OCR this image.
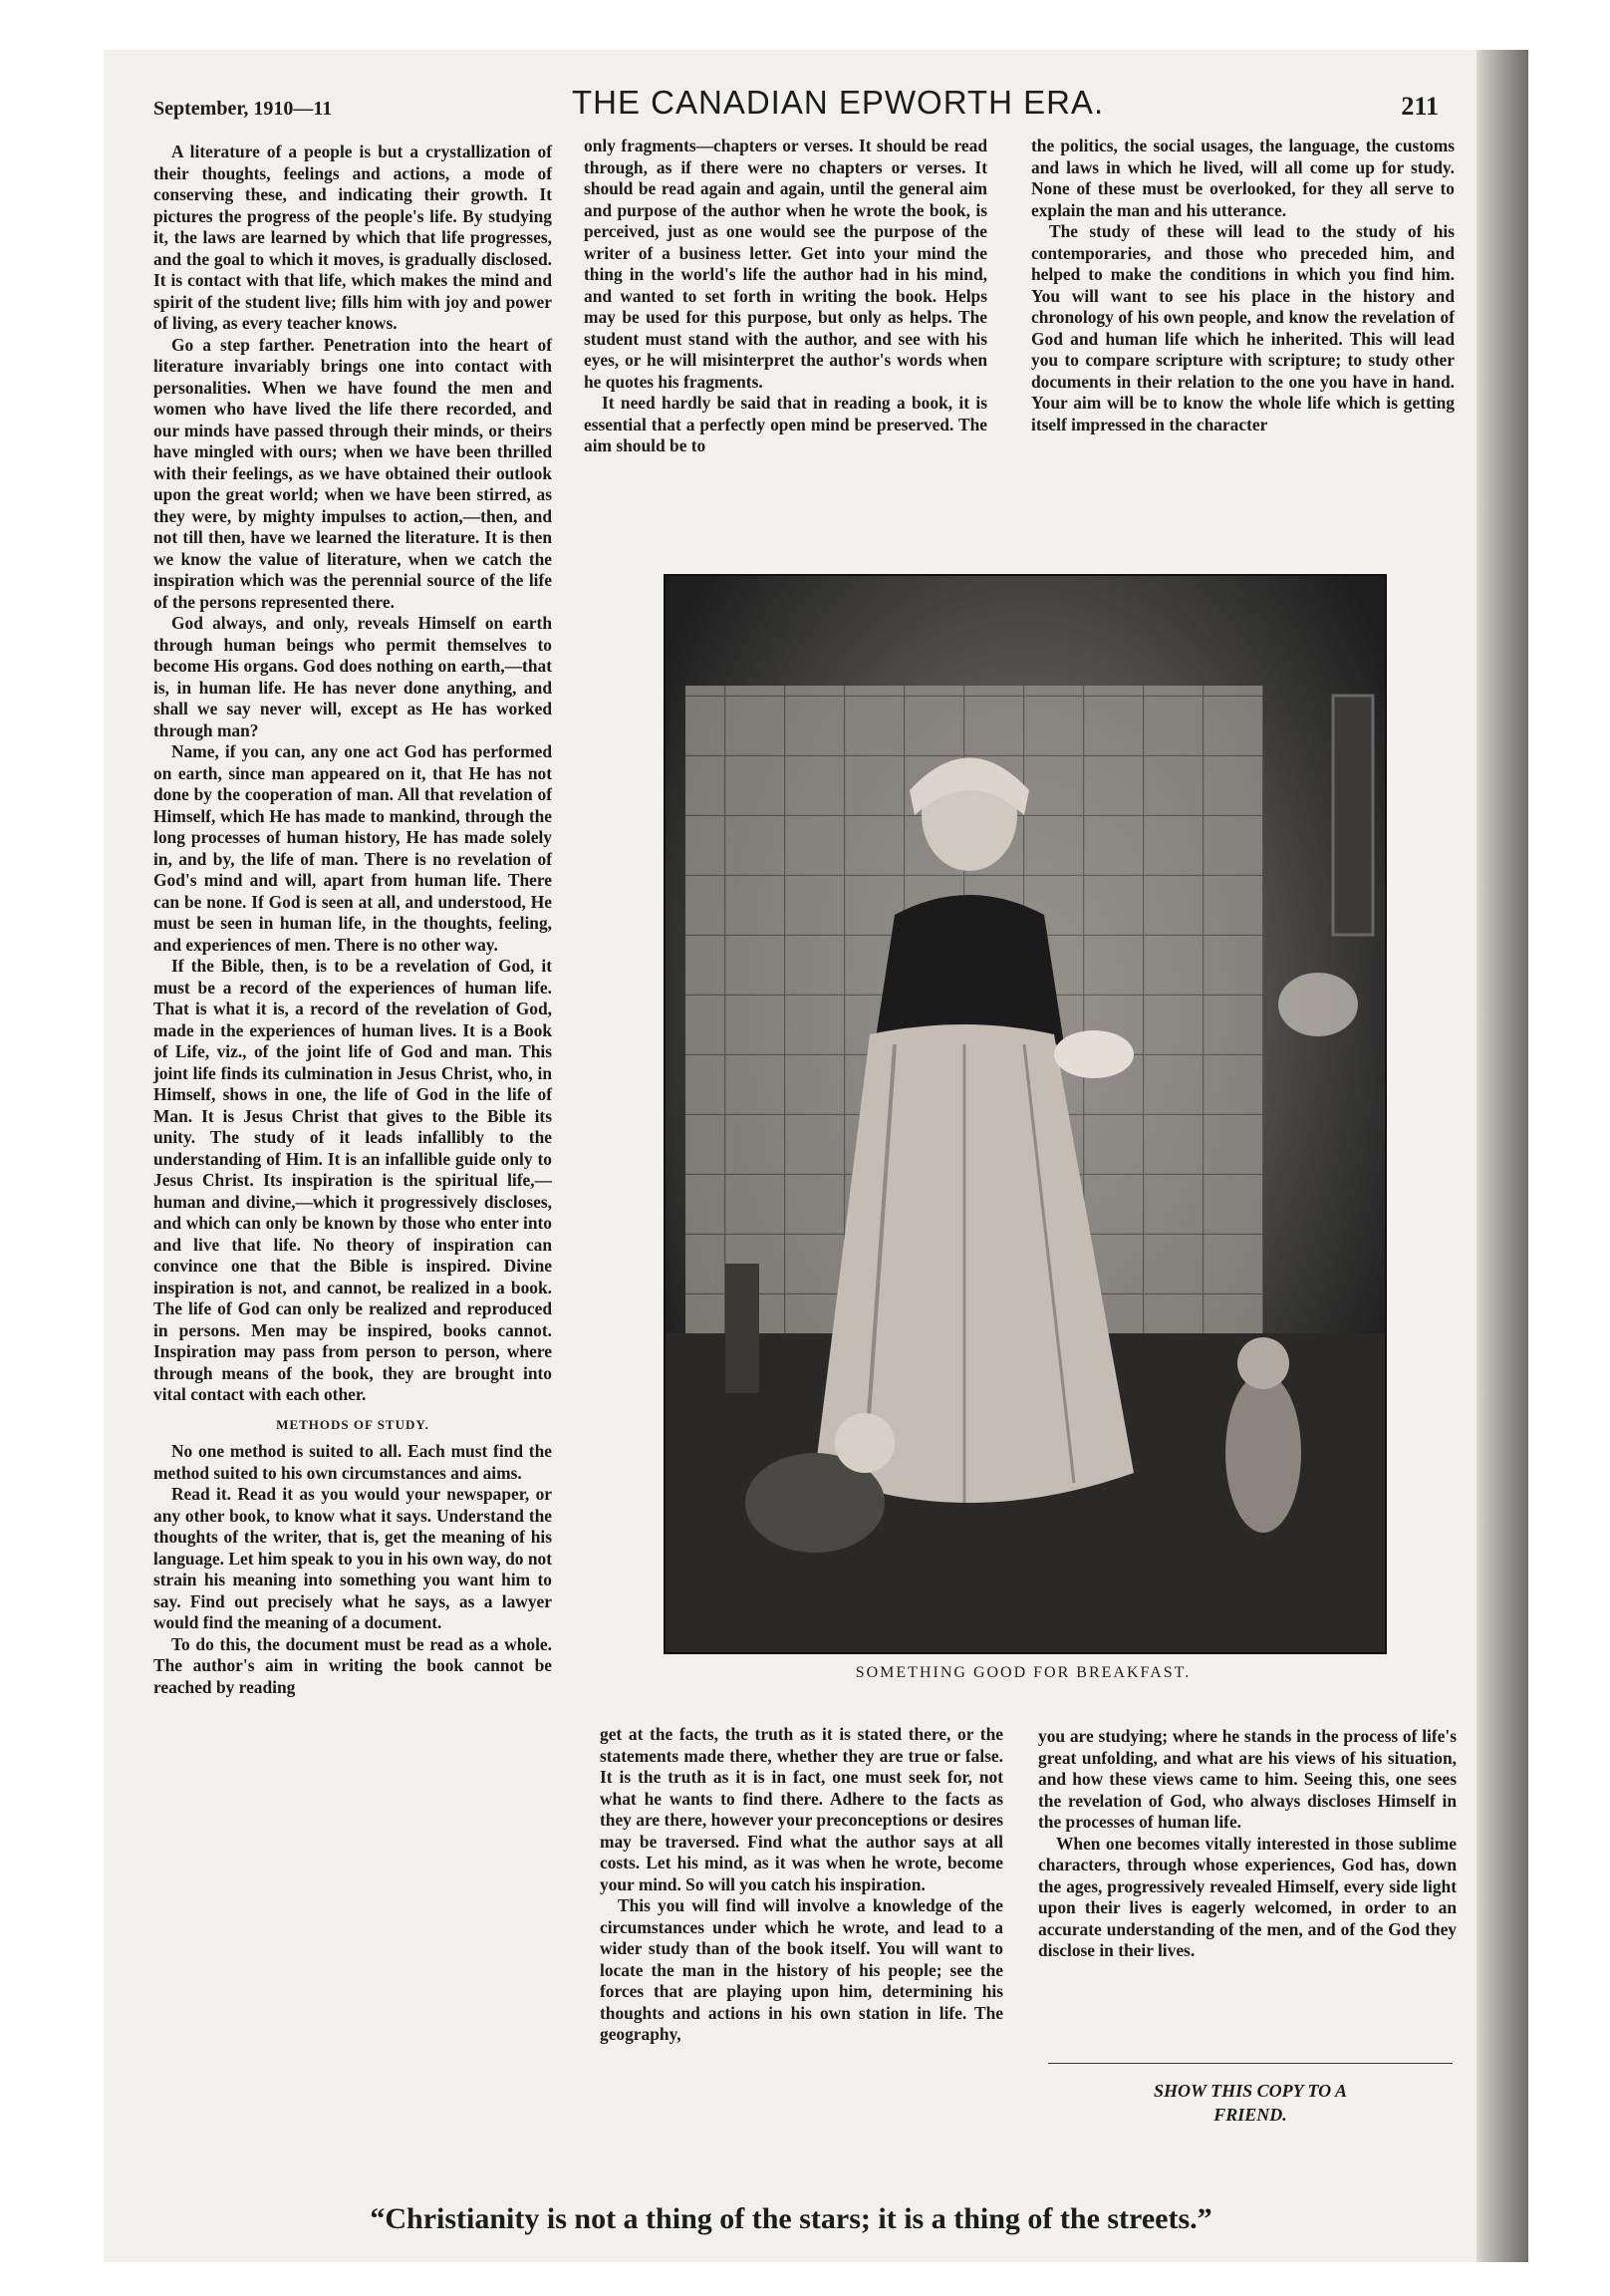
September, 1910—11	THE CANADIAN EPWORTH ERA.	211

A literature of a people is but a crystallization of their thoughts, feelings and actions, a mode of conserving these, and indicating their growth. It pictures the progress of the people's life. By studying it, the laws are learned by which that life progresses, and the goal to which it moves, is gradually disclosed. It is contact with that life, which makes the mind and spirit of the student live; fills him with joy and power of living, as every teacher knows.

Go a step farther. Penetration into the heart of literature invariably brings one into contact with personalities. When we have found the men and women who have lived the life there recorded, and our minds have passed through their minds, or theirs have mingled with ours; when we have been thrilled with their feelings, as we have obtained their outlook upon the great world; when we have been stirred, as they were, by mighty impulses to action,—then, and not till then, have we learned the literature. It is then we know the value of literature, when we catch the inspiration which was the perennial source of the life of the persons represented there.

God always, and only, reveals Himself on earth through human beings who permit themselves to become His organs. God does nothing on earth,—that is, in human life. He has never done anything, and shall we say never will, except as He has worked through man?

Name, if you can, any one act God has performed on earth, since man appeared on it, that He has not done by the cooperation of man. All that revelation of Himself, which He has made to mankind, through the long processes of human history, He has made solely in, and by, the life of man. There is no revelation of God's mind and will, apart from human life. There can be none. If God is seen at all, and understood, He must be seen in human life, in the thoughts, feeling, and experiences of men. There is no other way.

If the Bible, then, is to be a revelation of God, it must be a record of the experiences of human life. That is what it is, a record of the revelation of God, made in the experiences of human lives. It is a Book of Life, viz., of the joint life of God and man. This joint life finds its culmination in Jesus Christ, who, in Himself, shows in one, the life of God in the life of Man. It is Jesus Christ that gives to the Bible its unity. The study of it leads infallibly to the understanding of Him. It is an infallible guide only to Jesus Christ. Its inspiration is the spiritual life,—human and divine,—which it progressively discloses, and which can only be known by those who enter into and live that life. No theory of inspiration can convince one that the Bible is inspired. Divine inspiration is not, and cannot, be realized in a book. The life of God can only be realized and reproduced in persons. Men may be inspired, books cannot. Inspiration may pass from person to person, where through means of the book, they are brought into vital contact with each other.

METHODS OF STUDY.

No one method is suited to all. Each must find the method suited to his own circumstances and aims.

Read it. Read it as you would your newspaper, or any other book, to know what it says. Understand the thoughts of the writer, that is, get the meaning of his language. Let him speak to you in his own way, do not strain his meaning into something you want him to say. Find out precisely what he says, as a lawyer would find the meaning of a document.

To do this, the document must be read as a whole. The author's aim in writing the book cannot be reached by reading

only fragments—chapters or verses. It should be read through, as if there were no chapters or verses. It should be read again and again, until the general aim and purpose of the author when he wrote the book, is perceived, just as one would see the purpose of the writer of a business letter. Get into your mind the thing in the world's life the author had in his mind, and wanted to set forth in writing the book. Helps may be used for this purpose, but only as helps. The student must stand with the author, and see with his eyes, or he will misinterpret the author's words when he quotes his fragments.

It need hardly be said that in reading a book, it is essential that a perfectly open mind be preserved. The aim should be to

the politics, the social usages, the language, the customs and laws in which he lived, will all come up for study. None of these must be overlooked, for they all serve to explain the man and his utterance.

The study of these will lead to the study of his contemporaries, and those who preceded him, and helped to make the conditions in which you find him. You will want to see his place in the history and chronology of his own people, and know the revelation of God and human life which he inherited. This will lead you to compare scripture with scripture; to study other documents in their relation to the one you have in hand. Your aim will be to know the whole life which is getting itself impressed in the character

SOMETHING GOOD FOR BREAKFAST.

get at the facts, the truth as it is stated there, or the statements made there, whether they are true or false. It is the truth as it is in fact, one must seek for, not what he wants to find there. Adhere to the facts as they are there, however your preconceptions or desires may be traversed. Find what the author says at all costs. Let his mind, as it was when he wrote, become your mind. So will you catch his inspiration.

This you will find will involve a knowledge of the circumstances under which he wrote, and lead to a wider study than of the book itself. You will want to locate the man in the history of his people; see the forces that are playing upon him, determining his thoughts and actions in his own station in life. The geography,

you are studying; where he stands in the process of life's great unfolding, and what are his views of his situation, and how these views came to him. Seeing this, one sees the revelation of God, who always discloses Himself in the processes of human life.

When one becomes vitally interested in those sublime characters, through whose experiences, God has, down the ages, progressively revealed Himself, every side light upon their lives is eagerly welcomed, in order to an accurate understanding of the men, and of the God they disclose in their lives.

SHOW THIS COPY TO A
FRIEND.
“Christianity is not a thing of the stars; it is a thing of the streets.”
